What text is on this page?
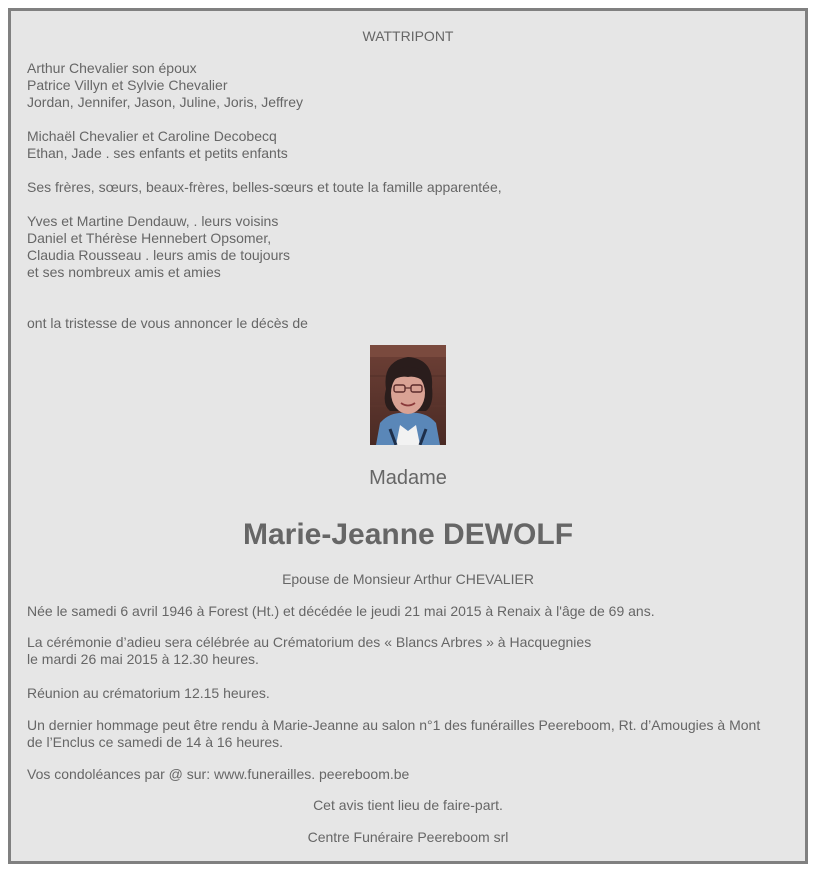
WATTRIPONT
Arthur Chevalier son époux
Patrice Villyn et Sylvie Chevalier
Jordan, Jennifer, Jason, Juline, Joris, Jeffrey
Michaël Chevalier et Caroline Decobecq
Ethan, Jade . ses enfants et petits enfants
Ses frères, sœurs, beaux-frères, belles-sœurs et toute la famille apparentée,
Yves et Martine Dendauw, . leurs voisins
Daniel et Thérèse Hennebert Opsomer,
Claudia Rousseau . leurs amis de toujours
et ses nombreux amis et amies
ont la tristesse de vous annoncer le décès de
Madame
Marie-Jeanne DEWOLF
Epouse de Monsieur Arthur CHEVALIER
Née le samedi 6 avril 1946 à Forest (Ht.) et décédée le jeudi 21 mai 2015 à Renaix à l'âge de 69 ans.
La cérémonie d’adieu sera célébrée au Crématorium des « Blancs Arbres » à Hacquegnies
le mardi 26 mai 2015 à 12.30 heures.
Réunion au crématorium 12.15 heures.
Un dernier hommage peut être rendu à Marie-Jeanne au salon n°1 des funérailles Peereboom, Rt. d’Amougies à Mont
de l’Enclus ce samedi de 14 à 16 heures.
Vos condoléances par @ sur: www.funerailles. peereboom.be
Cet avis tient lieu de faire-part.
Centre Funéraire Peereboom srl
